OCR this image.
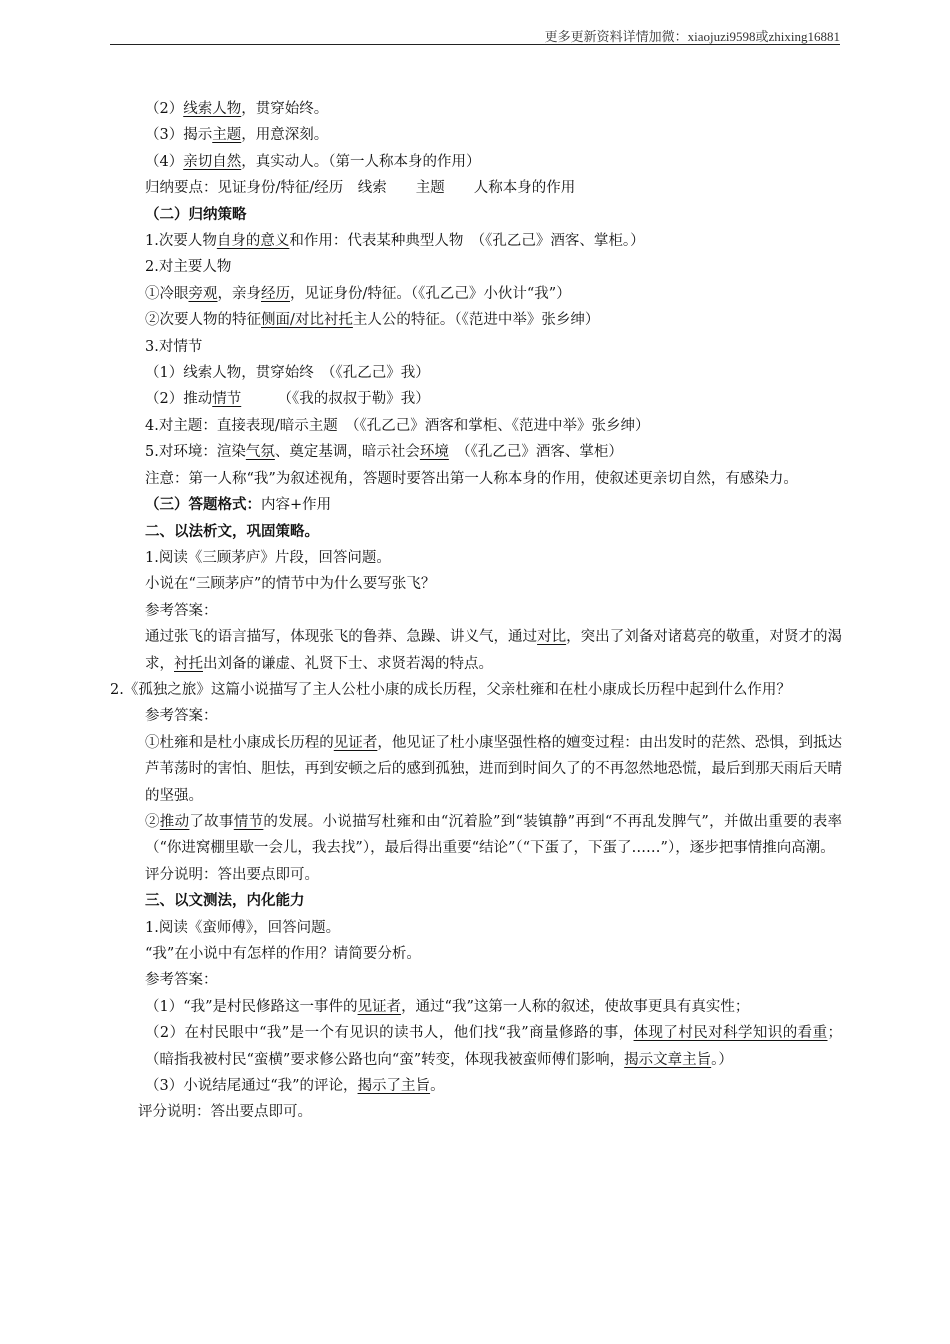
更多更新资料详情加微：xiaojuzi9598或zhixing16881
（2）线索人物，贯穿始终。
（3）揭示主题，用意深刻。
（4）亲切自然，真实动人。（第一人称本身的作用）
归纳要点：见证身份/特征/经历　线索　　主题　　人称本身的作用
（二）归纳策略
1.次要人物自身的意义和作用：代表某种典型人物　（《孔乙己》酒客、掌柜。）
2.对主要人物
①冷眼旁观，亲身经历，见证身份/特征。（《孔乙己》小伙计“我”）
②次要人物的特征侧面/对比衬托主人公的特征。（《范进中举》张乡绅）
3.对情节
（1）线索人物，贯穿始终　（《孔乙己》我）
（2）推动情节　　　（《我的叔叔于勒》我）
4.对主题：直接表现/暗示主题　（《孔乙己》酒客和掌柜、《范进中举》张乡绅）
5.对环境：渲染气氛、奠定基调，暗示社会环境　（《孔乙己》酒客、掌柜）
注意：第一人称“我”为叙述视角，答题时要答出第一人称本身的作用，使叙述更亲切自然，有感染力。
（三）答题格式：内容+作用
二、以法析文，巩固策略。
1.阅读《三顾茅庐》片段，回答问题。
小说在“三顾茅庐”的情节中为什么要写张飞？
参考答案：
通过张飞的语言描写，体现张飞的鲁莽、急躁、讲义气，通过对比，突出了刘备对诸葛亮的敬重，对贤才的渴求，衬托出刘备的谦虚、礼贤下士、求贤若渴的特点。
2.《孤独之旅》这篇小说描写了主人公杜小康的成长历程，父亲杜雍和在杜小康成长历程中起到什么作用？
参考答案：
①杜雍和是杜小康成长历程的见证者，他见证了杜小康坚强性格的嬗变过程：由出发时的茫然、恐惧，到抵达芦苇荡时的害怕、胆怯，再到安顿之后的感到孤独，进而到时间久了的不再忽然地恐慌，最后到那天雨后天晴的坚强。
②推动了故事情节的发展。小说描写杜雍和由“沉着脸”到“装镇静”再到“不再乱发脾气”，并做出重要的表率（“你进窝棚里歇一会儿，我去找”），最后得出重要“结论”（“下蛋了，下蛋了……”），逐步把事情推向高潮。
评分说明：答出要点即可。
三、以文测法，内化能力
1.阅读《蛮师傅》，回答问题。
“我”在小说中有怎样的作用？请简要分析。
参考答案：
（1）“我”是村民修路这一事件的见证者，通过“我”这第一人称的叙述，使故事更具有真实性；
（2）在村民眼中“我”是一个有见识的读书人，他们找“我”商量修路的事，体现了村民对科学知识的看重；（暗指我被村民“蛮横”要求修公路也向“蛮”转变，体现我被蛮师傅们影响，揭示文章主旨。）
（3）小说结尾通过“我”的评论，揭示了主旨。
评分说明：答出要点即可。
